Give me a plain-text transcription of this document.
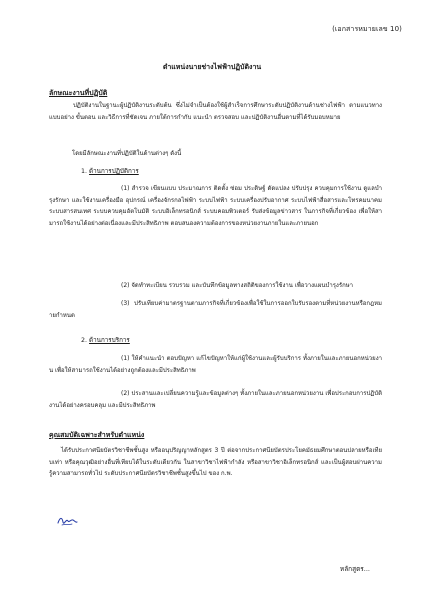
(เอกสารหมายเลข 10)
ตำแหน่งนายช่างไฟฟ้าปฏิบัติงาน
ลักษณะงานที่ปฏิบัติ
ปฏิบัติงานในฐานะผู้ปฏิบัติงานระดับต้น ซึ่งไม่จำเป็นต้องใช้ผู้สำเร็จการศึกษาระดับปฏิบัติงานด้านช่างไฟฟ้า ตามแนวทาง แบบอย่าง ขั้นตอน และวิธีการที่ชัดเจน ภายใต้การกำกับ แนะนำ ตรวจสอบ และปฏิบัติงานอื่นตามที่ได้รับมอบหมาย
โดยมีลักษณะงานที่ปฏิบัติในด้านต่างๆ ดังนี้
1. ด้านการปฏิบัติการ
(1) สำรวจ เขียนแบบ ประมาณการ ติดตั้ง ซ่อม ประดิษฐ์ ดัดแปลง ปรับปรุง ควบคุมการใช้งาน ดูแลบำรุงรักษา และใช้งานเครื่องมือ อุปกรณ์ เครื่องจักรกลไฟฟ้า ระบบไฟฟ้า ระบบเครื่องปรับอากาศ ระบบไฟฟ้าสื่อสารและโทรคมนาคม ระบบสารสนเทศ ระบบควบคุมอัตโนมัติ ระบบอิเล็กทรอนิกส์ ระบบคอมพิวเตอร์ รับส่งข้อมูลข่าวสาร ในภารกิจที่เกี่ยวข้อง เพื่อให้สามารถใช้งานได้อย่างต่อเนื่องและมีประสิทธิภาพ ตอบสนองความต้องการของหน่วยงานภายในและภายนอก
(2) จัดทำทะเบียน รวบรวม และบันทึกข้อมูลทางสถิติของการใช้งาน เพื่อวางแผนบำรุงรักษา
(3) ปรับเทียบค่ามาตรฐานตามภารกิจที่เกี่ยวข้องเพื่อใช้ในการออกใบรับรองตามที่หน่วยงานหรือกฎหมายกำหนด
2. ด้านการบริการ
(1) ให้คำแนะนำ ตอบปัญหา แก้ไขปัญหาให้แก่ผู้ใช้งานและผู้รับบริการ ทั้งภายในและภายนอกหน่วยงาน เพื่อให้สามารถใช้งานได้อย่างถูกต้องและมีประสิทธิภาพ
(2) ประสานและเปลี่ยนความรู้และข้อมูลต่างๆ ทั้งภายในและภายนอกหน่วยงาน เพื่อประกอบการปฏิบัติงานได้อย่างครอบคลุม และมีประสิทธิภาพ
คุณสมบัติเฉพาะสำหรับตำแหน่ง
ได้รับประกาศนียบัตรวิชาชีพชั้นสูง หรืออนุปริญญาหลักสูตร 3 ปี ต่อจากประกาศนียบัตรประโยคมัธยมศึกษาตอนปลายหรือเทียบเท่า หรือคุณวุฒิอย่างอื่นที่เทียบได้ในระดับเดียวกัน ในสาขาวิชาไฟฟ้ากำลัง หรือสาขาวิชาอิเล็กทรอนิกส์ และเป็นผู้สอบผ่านความรู้ความสามารถทั่วไป ระดับประกาศนียบัตรวิชาชีพชั้นสูงขึ้นไป ของ ก.พ.
หลักสูตร...
